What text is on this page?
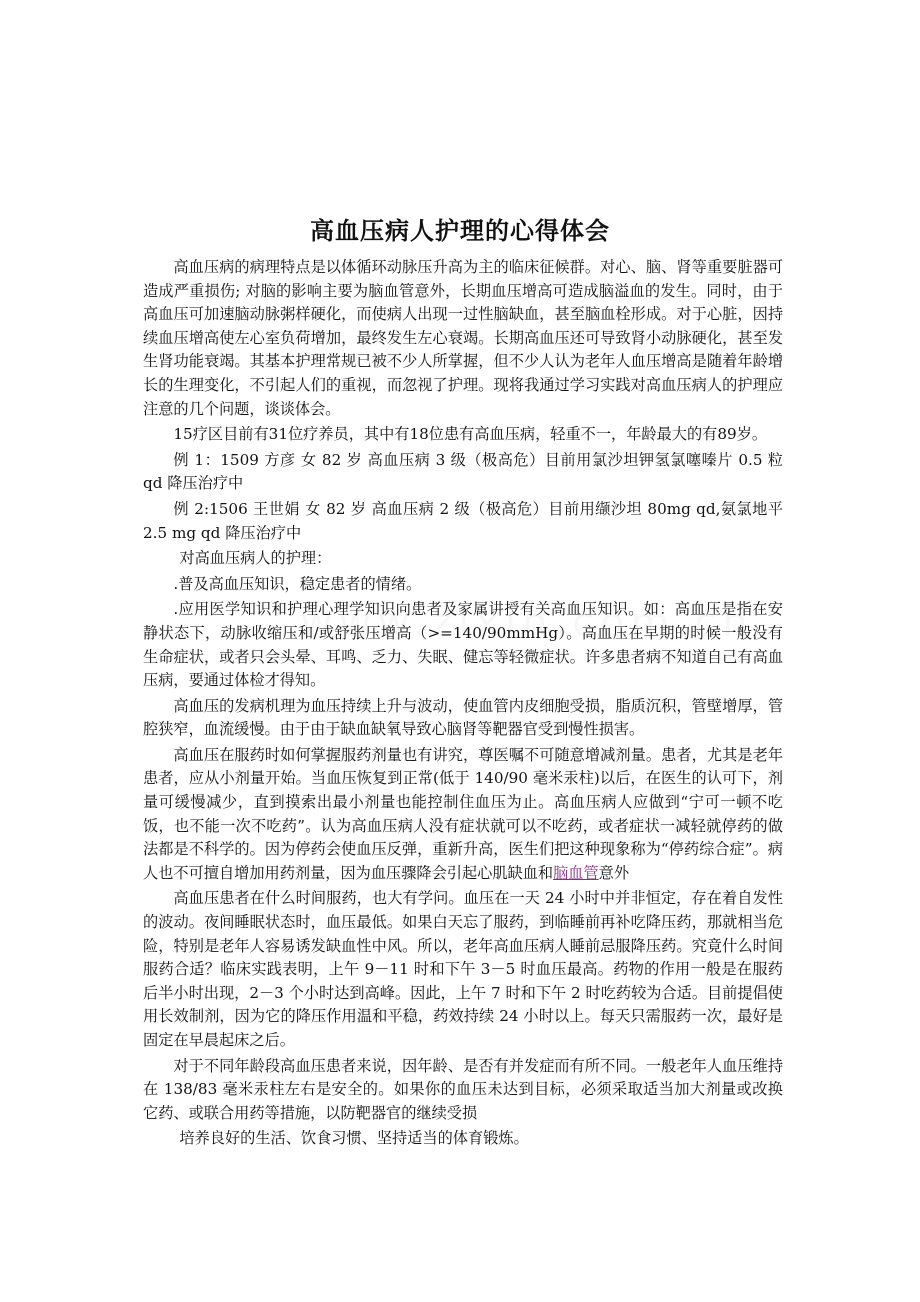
高血压病人护理的心得体会

高血压病的病理特点是以体循环动脉压升高为主的临床征候群。对心、脑、肾等重要脏器可造成严重损伤; 对脑的影响主要为脑血管意外，长期血压增高可造成脑溢血的发生。同时，由于高血压可加速脑动脉粥样硬化，而使病人出现一过性脑缺血，甚至脑血栓形成。对于心脏，因持续血压增高使左心室负荷增加，最终发生左心衰竭。长期高血压还可导致肾小动脉硬化，甚至发生肾功能衰竭。其基本护理常规已被不少人所掌握，但不少人认为老年人血压增高是随着年龄增长的生理变化，不引起人们的重视，而忽视了护理。现将我通过学习实践对高血压病人的护理应注意的几个问题，谈谈体会。

15疗区目前有31位疗养员，其中有18位患有高血压病，轻重不一，年龄最大的有89岁。

例 1：1509 方彦 女 82 岁 高血压病 3 级（极高危）目前用氯沙坦钾氢氯噻嗪片 0.5 粒 qd 降压治疗中

例 2:1506 王世娟 女 82 岁 高血压病 2 级（极高危）目前用缬沙坦 80mg qd,氨氯地平 2.5 mg qd 降压治疗中

对高血压病人的护理：

.普及高血压知识，稳定患者的情绪。

.应用医学知识和护理心理学知识向患者及家属讲授有关高血压知识。如：高血压是指在安静状态下，动脉收缩压和/或舒张压增高（>=140/90mmHg）。高血压在早期的时候一般没有生命症状，或者只会头晕、耳鸣、乏力、失眠、健忘等轻微症状。许多患者病不知道自己有高血压病，要通过体检才得知。

高血压的发病机理为血压持续上升与波动，使血管内皮细胞受损，脂质沉积，管壁增厚，管腔狭窄，血流缓慢。由于由于缺血缺氧导致心脑肾等靶器官受到慢性损害。

高血压在服药时如何掌握服药剂量也有讲究，尊医嘱不可随意增减剂量。患者，尤其是老年患者，应从小剂量开始。当血压恢复到正常(低于 140/90 毫米汞柱)以后，在医生的认可下，剂量可缓慢减少，直到摸索出最小剂量也能控制住血压为止。高血压病人应做到“宁可一顿不吃饭，也不能一次不吃药”。认为高血压病人没有症状就可以不吃药，或者症状一减轻就停药的做法都是不科学的。因为停药会使血压反弹，重新升高，医生们把这种现象称为“停药综合症”。病人也不可擅自增加用药剂量，因为血压骤降会引起心肌缺血和脑血管意外

高血压患者在什么时间服药，也大有学问。血压在一天 24 小时中并非恒定，存在着自发性的波动。夜间睡眠状态时，血压最低。如果白天忘了服药，到临睡前再补吃降压药，那就相当危险，特别是老年人容易诱发缺血性中风。所以，老年高血压病人睡前忌服降压药。究竟什么时间服药合适？临床实践表明，上午 9－11 时和下午 3－5 时血压最高。药物的作用一般是在服药后半小时出现，2－3 个小时达到高峰。因此，上午 7 时和下午 2 时吃药较为合适。目前提倡使用长效制剂，因为它的降压作用温和平稳，药效持续 24 小时以上。每天只需服药一次，最好是固定在早晨起床之后。

对于不同年龄段高血压患者来说，因年龄、是否有并发症而有所不同。一般老年人血压维持在 138/83 毫米汞柱左右是安全的。如果你的血压未达到目标，必须采取适当加大剂量或改换它药、或联合用药等措施，以防靶器官的继续受损

培养良好的生活、饮食习惯、坚持适当的体育锻炼。
